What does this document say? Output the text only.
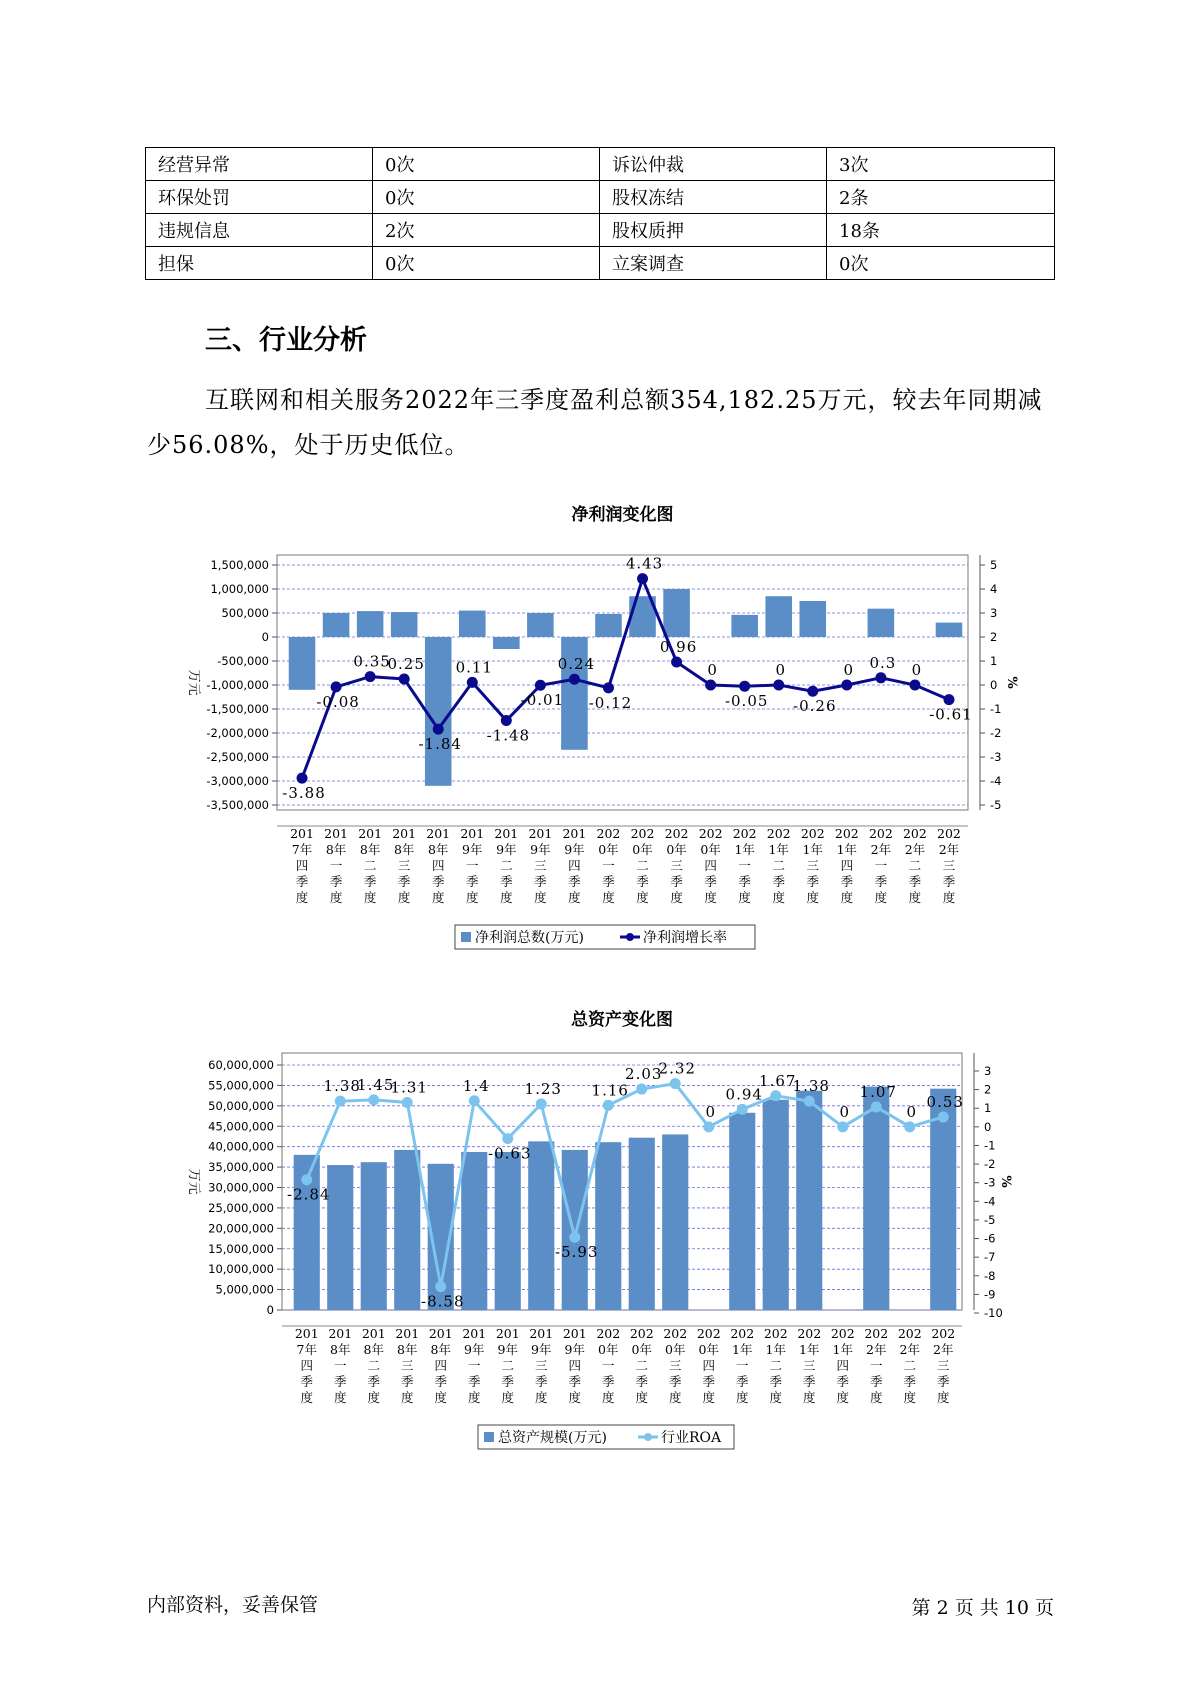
经营异常	0次	诉讼仲裁	3次
环保处罚	0次	股权冻结	2条
违规信息	2次	股权质押	18条
担保	0次	立案调查	0次
三、行业分析
互联网和相关服务2022年三季度盈利总额354,182.25万元，较去年同期减少56.08%，处于历史低位。
净利润变化图
1,500,000
1,000,000
500,000
0
-500,000
-1,000,000
-1,500,000
-2,000,000
-2,500,000
-3,000,000
-3,500,000
5
4
3
2
1
0
-1
-2
-3
-4
-5
万元	%
-3.88
-0.08
0.35
0.25
-1.84
0.11
-1.48
-0.01
0.24
-0.12
4.43
0.96
0
-0.05
0
-0.26
0 0.3 0
-0.61
201
7年
四
季
度
201
8年
一
季
度
201
8年
二
季
度
201
8年
三
季
度
201
8年
四
季
度
201
9年
一
季
度
201
9年
二
季
度
201
9年
三
季
度
201
9年
四
季
度
202
0年
一
季
度
202
0年
二
季
度
202
0年
三
季
度
202
0年
四
季
度
202
1年
一
季
度
202
1年
二
季
度
202
1年
三
季
度
202
1年
四
季
度
202
2年
一
季
度
202
2年
二
季
度
202
2年
三
季
度
净利润总数(万元)	净利润增长率
总资产变化图
60,000,000
55,000,000
50,000,000
45,000,000
40,000,000
35,000,000
30,000,000
25,000,000
20,000,000
15,000,000
10,000,000
5,000,000
0
3
2
1
0
-1
-2
-3
-4
-5
-6
-7
-8
-9
-10
万元	%
-2.84
1.38
1.45
1.31
-8.58
1.4
-0.63
1.23
-5.93
1.16
2.03
2.32
0
0.94
1.67
1.38
0
1.07
0
0.53
201
7年
四
季
度
201
8年
一
季
度
201
8年
二
季
度
201
8年
三
季
度
201
8年
四
季
度
201
9年
一
季
度
201
9年
二
季
度
201
9年
三
季
度
201
9年
四
季
度
202
0年
一
季
度
202
0年
二
季
度
202
0年
三
季
度
202
0年
四
季
度
202
1年
一
季
度
202
1年
二
季
度
202
1年
三
季
度
202
1年
四
季
度
202
2年
一
季
度
202
2年
二
季
度
202
2年
三
季
度
总资产规模(万元)	行业ROA
内部资料，妥善保管	第 2 页 共 10 页
